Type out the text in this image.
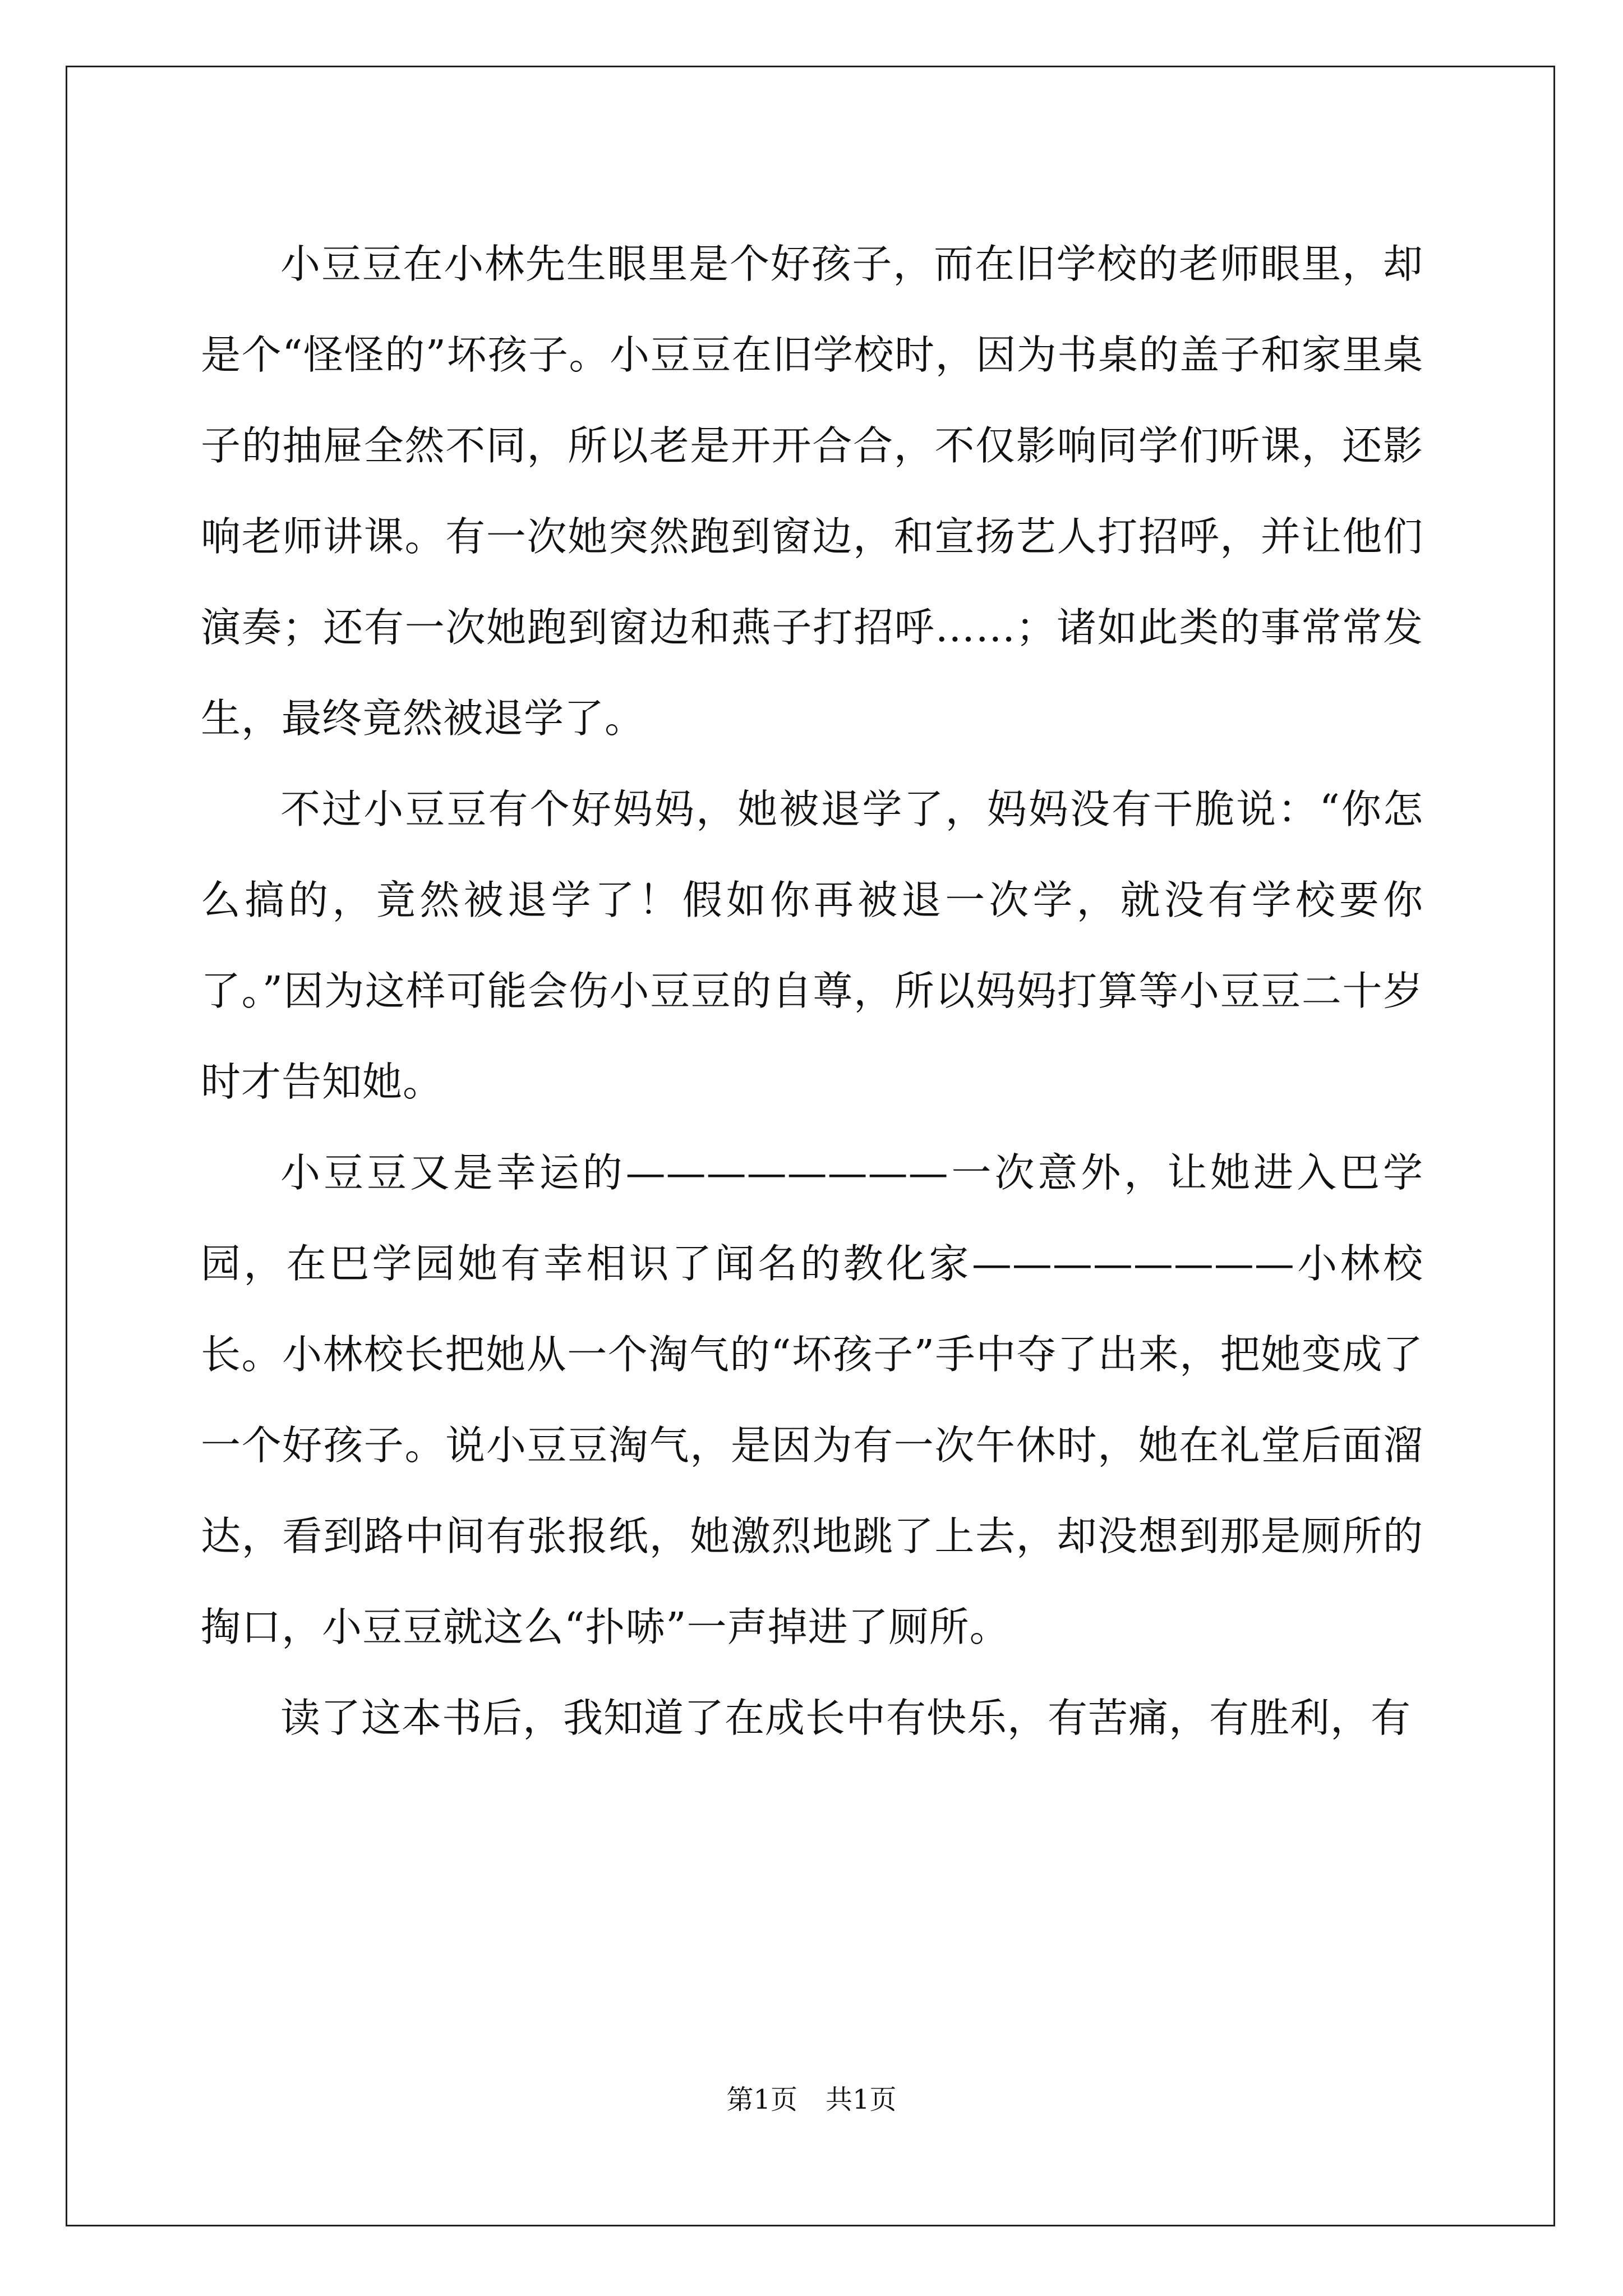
小豆豆在小林先生眼里是个好孩子，而在旧学校的老师眼里，却是个“怪怪的”坏孩子。小豆豆在旧学校时，因为书桌的盖子和家里桌子的抽屉全然不同，所以老是开开合合，不仅影响同学们听课，还影响老师讲课。有一次她突然跑到窗边，和宣扬艺人打招呼，并让他们演奏；还有一次她跑到窗边和燕子打招呼……；诸如此类的事常常发生，最终竟然被退学了。

不过小豆豆有个好妈妈，她被退学了，妈妈没有干脆说：“你怎么搞的，竟然被退学了！假如你再被退一次学，就没有学校要你了。”因为这样可能会伤小豆豆的自尊，所以妈妈打算等小豆豆二十岁时才告知她。

小豆豆又是幸运的————————一次意外，让她进入巴学园，在巴学园她有幸相识了闻名的教化家————————小林校长。小林校长把她从一个淘气的“坏孩子”手中夺了出来，把她变成了一个好孩子。说小豆豆淘气，是因为有一次午休时，她在礼堂后面溜达，看到路中间有张报纸，她激烈地跳了上去，却没想到那是厕所的掏口，小豆豆就这么“扑哧”一声掉进了厕所。

读了这本书后，我知道了在成长中有快乐，有苦痛，有胜利，有

第1页 共1页
